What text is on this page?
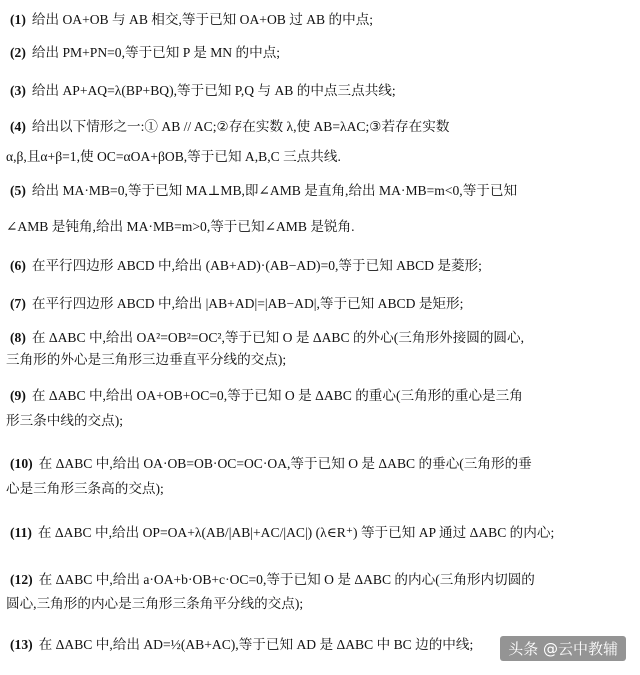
(1) 给出 OA+OB 与 AB 相交,等于已知 OA+OB 过 AB 的中点;
(2) 给出 PM+PN=0,等于已知 P 是 MN 的中点;
(3) 给出 AP+AQ=λ(BP+BQ),等于已知 P,Q 与 AB 的中点三点共线;
(4) 给出以下情形之一:① AB // AC;②存在实数 λ,使 AB=λAC;③若存在实数
α,β,且α+β=1,使 OC=αOA+βOB,等于已知 A,B,C 三点共线.
(5) 给出 MA·MB=0,等于已知 MA⊥MB,即∠AMB 是直角,给出 MA·MB=m<0,等于已知
∠AMB 是钝角,给出 MA·MB=m>0,等于已知∠AMB 是锐角.
(6) 在平行四边形 ABCD 中,给出 (AB+AD)·(AB−AD)=0,等于已知 ABCD 是菱形;
(7) 在平行四边形 ABCD 中,给出 |AB+AD|=|AB−AD|,等于已知 ABCD 是矩形;
(8) 在 ΔABC 中,给出 OA²=OB²=OC²,等于已知 O 是 ΔABC 的外心(三角形外接圆的圆心,
三角形的外心是三角形三边垂直平分线的交点);
(9) 在 ΔABC 中,给出 OA+OB+OC=0,等于已知 O 是 ΔABC 的重心(三角形的重心是三角
形三条中线的交点);
(10) 在 ΔABC 中,给出 OA·OB=OB·OC=OC·OA,等于已知 O 是 ΔABC 的垂心(三角形的垂
心是三角形三条高的交点);
(11) 在 ΔABC 中,给出 OP=OA+λ(AB/|AB|+AC/|AC|) (λ∈R⁺) 等于已知 AP 通过 ΔABC 的内心;
(12) 在 ΔABC 中,给出 a·OA+b·OB+c·OC=0,等于已知 O 是 ΔABC 的内心(三角形内切圆的
圆心,三角形的内心是三角形三条角平分线的交点);
(13) 在 ΔABC 中,给出 AD=½(AB+AC),等于已知 AD 是 ΔABC 中 BC 边的中线;	头条 @云中教辅
